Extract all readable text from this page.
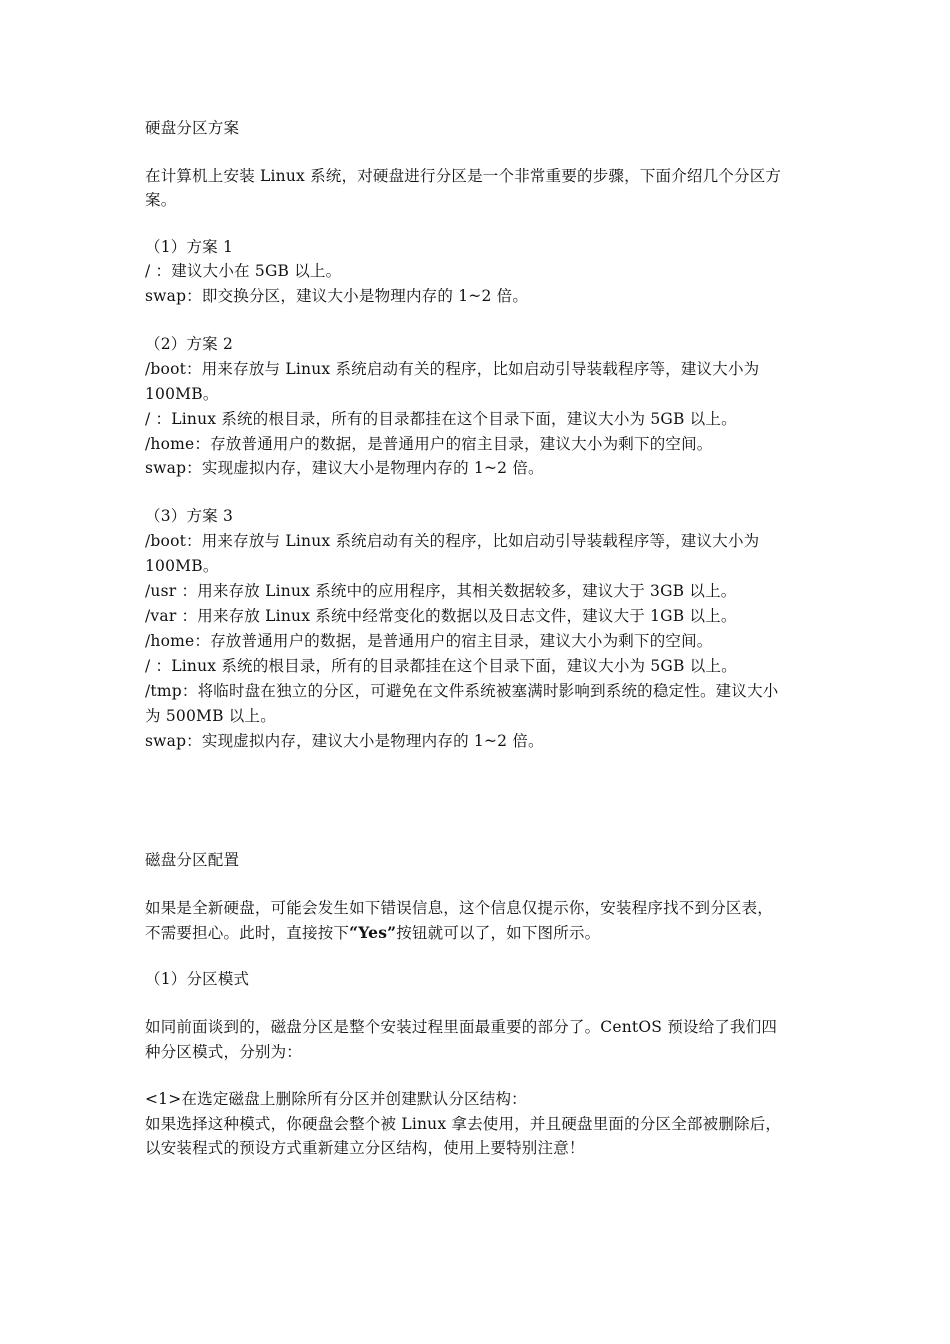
硬盘分区方案
在计算机上安装 Linux 系统，对硬盘进行分区是一个非常重要的步骤，下面介绍几个分区方
案。
（1）方案 1
/ ：建议大小在 5GB 以上。
swap：即交换分区，建议大小是物理内存的 1~2 倍。
（2）方案 2
/boot：用来存放与 Linux 系统启动有关的程序，比如启动引导装载程序等，建议大小为
100MB。
/ ：Linux 系统的根目录，所有的目录都挂在这个目录下面，建议大小为 5GB 以上。
/home：存放普通用户的数据，是普通用户的宿主目录，建议大小为剩下的空间。
swap：实现虚拟内存，建议大小是物理内存的 1~2 倍。
（3）方案 3
/boot：用来存放与 Linux 系统启动有关的程序，比如启动引导装载程序等，建议大小为
100MB。
/usr ：用来存放 Linux 系统中的应用程序，其相关数据较多，建议大于 3GB 以上。
/var ：用来存放 Linux 系统中经常变化的数据以及日志文件，建议大于 1GB 以上。
/home：存放普通用户的数据，是普通用户的宿主目录，建议大小为剩下的空间。
/ ：Linux 系统的根目录，所有的目录都挂在这个目录下面，建议大小为 5GB 以上。
/tmp：将临时盘在独立的分区，可避免在文件系统被塞满时影响到系统的稳定性。建议大小
为 500MB 以上。
swap：实现虚拟内存，建议大小是物理内存的 1~2 倍。
磁盘分区配置
如果是全新硬盘，可能会发生如下错误信息，这个信息仅提示你，安装程序找不到分区表，
不需要担心。此时，直接按下“Yes”按钮就可以了，如下图所示。
（1）分区模式
如同前面谈到的，磁盘分区是整个安装过程里面最重要的部分了。CentOS 预设给了我们四
种分区模式，分别为：
<1>在选定磁盘上删除所有分区并创建默认分区结构：
如果选择这种模式，你硬盘会整个被 Linux 拿去使用，并且硬盘里面的分区全部被删除后，
以安装程式的预设方式重新建立分区结构，使用上要特别注意！
